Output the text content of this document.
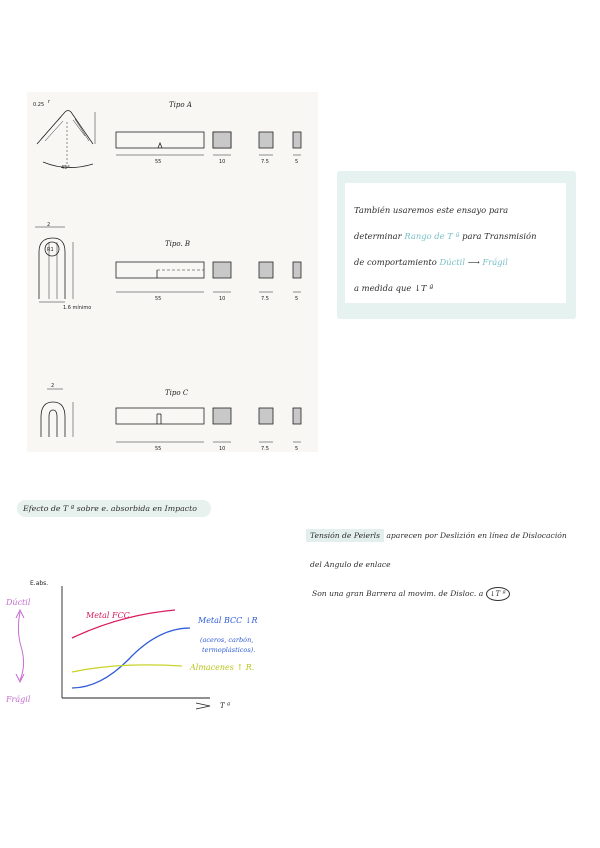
Tipo A
Tipo. B
Tipo C
0.25 r
45°
55	10	7.5	5
2
R1
1.6 mínimo
55	10	7.5	5
2
55	10	7.5	5
También usaremos este ensayo para
determinar Rango de T ª para Transmisión
de comportamiento Dúctil ⟶ Frágil
a medida que ↓T ª
Efecto de T ª sobre e. absorbida en Impacto
Tensión de Peierls aparecen por Deslizión en línea de Dislocación
del Angulo de enlace
Son una gran Barrera al movim. de Disloc. a ↓T ª
E.abs.
Dúctil
Frágil
T ª
Metal FCC
Metal BCC ↓R
(aceros, carbón, termoplásticos).
Almacenes ↑ R.
